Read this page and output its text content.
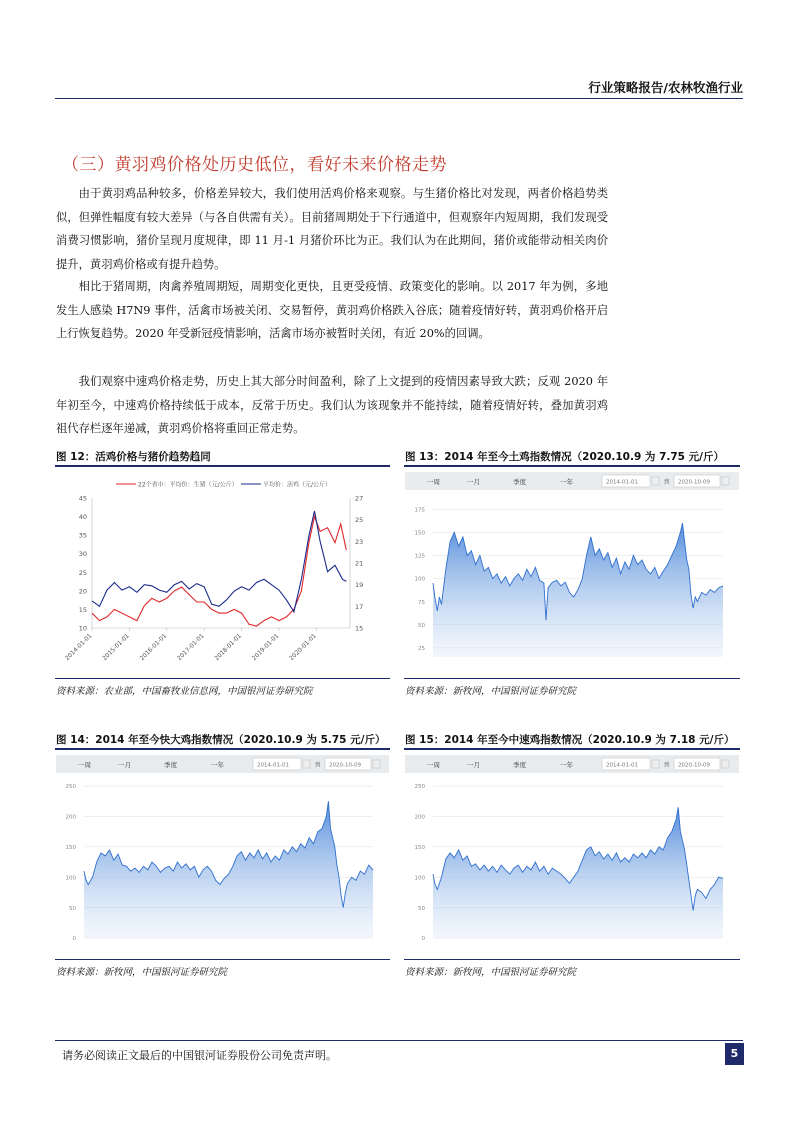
行业策略报告/农林牧渔行业
（三）黄羽鸡价格处历史低位，看好未来价格走势

由于黄羽鸡品种较多，价格差异较大，我们使用活鸡价格来观察。与生猪价格比对发现，两者价格趋势类似，但弹性幅度有较大差异（与各自供需有关）。目前猪周期处于下行通道中，但观察年内短周期，我们发现受消费习惯影响，猪价呈现月度规律，即 11 月-1 月猪价环比为正。我们认为在此期间，猪价或能带动相关肉价提升，黄羽鸡价格或有提升趋势。

相比于猪周期，肉禽养殖周期短，周期变化更快，且更受疫情、政策变化的影响。以 2017 年为例，多地发生人感染 H7N9 事件，活禽市场被关闭、交易暂停，黄羽鸡价格跌入谷底；随着疫情好转，黄羽鸡价格开启上行恢复趋势。2020 年受新冠疫情影响，活禽市场亦被暂时关闭，有近 20%的回调。

我们观察中速鸡价格走势，历史上其大部分时间盈利，除了上文提到的疫情因素导致大跌；反观 2020 年年初至今，中速鸡价格持续低于成本，反常于历史。我们认为该现象并不能持续，随着疫情好转，叠加黄羽鸡祖代存栏逐年递减，黄羽鸡价格将重回正常走势。

图 12：活鸡价格与猪价趋势趋同
22个省市：平均价：生猪（元/公斤）	平均价：活鸡（元/公斤）
10
15
20
25
30
35
40
45
15
17
19
21
23
25
27
2014-01-01 2015-01-01 2016-01-01 2017-01-01 2018-01-01 2019-01-01 2020-01-01
资料来源：农业部，中国畜牧业信息网，中国银河证券研究院
图 13：2014 年至今土鸡指数情况（2020.10.9 为 7.75 元/斤）
一周	一月	季度	一年	2014-01-01	到 2020-10-09
25
50
75
100
125
150
175
资料来源：新牧网，中国银河证券研究院
图 14：2014 年至今快大鸡指数情况（2020.10.9 为 5.75 元/斤）
一周	一月	季度	一年	2014-01-01	到 2020-10-09
0
50
100
150
200
250
资料来源：新牧网，中国银河证券研究院
图 15：2014 年至今中速鸡指数情况（2020.10.9 为 7.18 元/斤）
一周	一月	季度	一年	2014-01-01	到 2020-10-09
0
50
100
150
200
250
资料来源：新牧网，中国银河证券研究院
请务必阅读正文最后的中国银河证券股份公司免责声明。	5
